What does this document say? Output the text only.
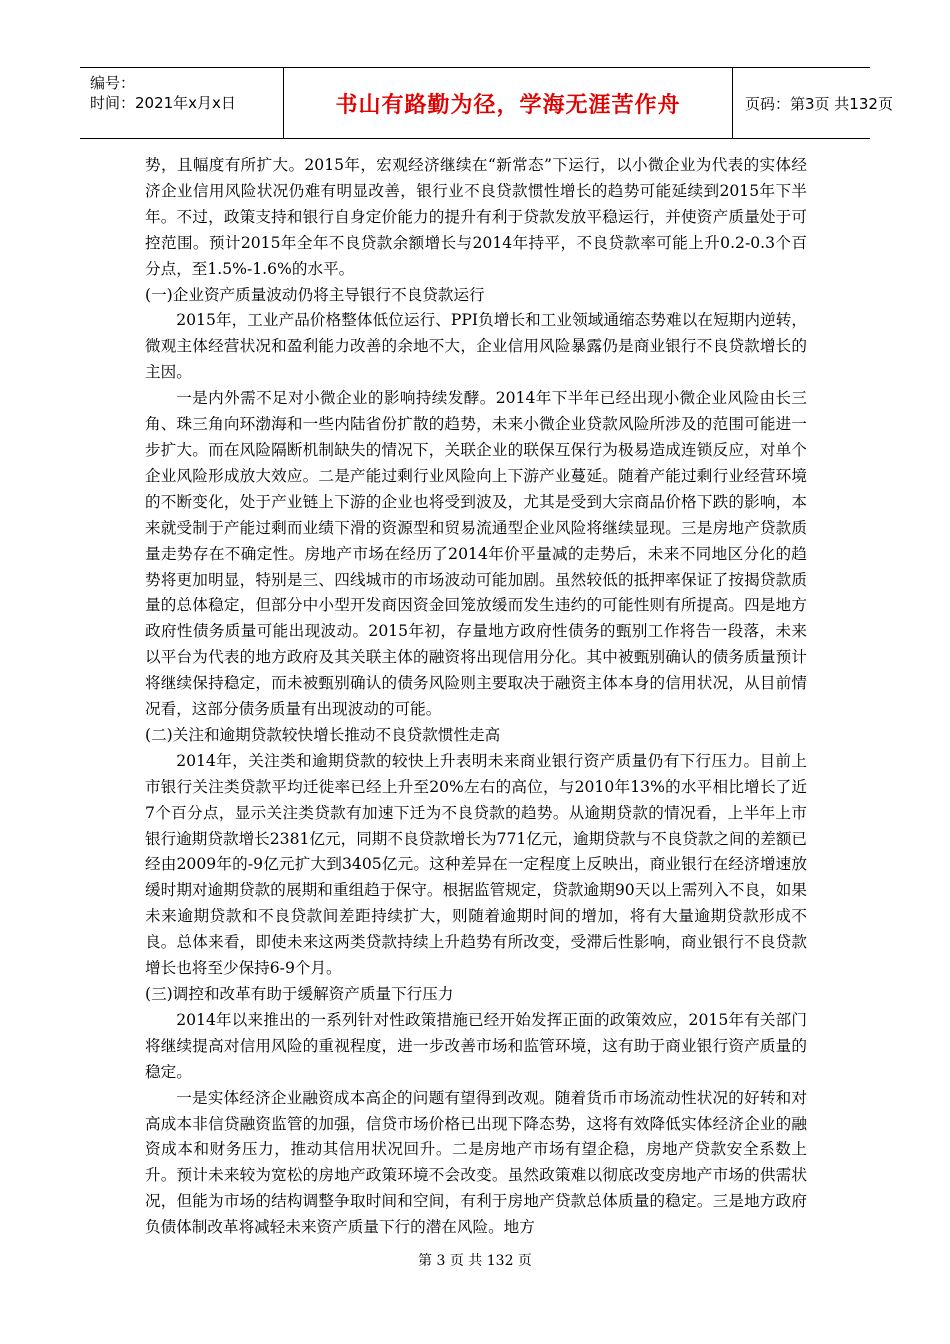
编号：
时间：2021年x月x日	书山有路勤为径，学海无涯苦作舟	页码：第3页 共132页

势，且幅度有所扩大。2015年，宏观经济继续在“新常态”下运行，以小微企业为代表的实体经济企业信用风险状况仍难有明显改善，银行业不良贷款惯性增长的趋势可能延续到2015年下半年。不过，政策支持和银行自身定价能力的提升有利于贷款发放平稳运行，并使资产质量处于可控范围。预计2015年全年不良贷款余额增长与2014年持平，不良贷款率可能上升0.2-0.3个百分点，至1.5%-1.6%的水平。

(一)企业资产质量波动仍将主导银行不良贷款运行

2015年，工业产品价格整体低位运行、PPI负增长和工业领域通缩态势难以在短期内逆转，微观主体经营状况和盈利能力改善的余地不大，企业信用风险暴露仍是商业银行不良贷款增长的主因。

一是内外需不足对小微企业的影响持续发酵。2014年下半年已经出现小微企业风险由长三角、珠三角向环渤海和一些内陆省份扩散的趋势，未来小微企业贷款风险所涉及的范围可能进一步扩大。而在风险隔断机制缺失的情况下，关联企业的联保互保行为极易造成连锁反应，对单个企业风险形成放大效应。二是产能过剩行业风险向上下游产业蔓延。随着产能过剩行业经营环境的不断变化，处于产业链上下游的企业也将受到波及，尤其是受到大宗商品价格下跌的影响，本来就受制于产能过剩而业绩下滑的资源型和贸易流通型企业风险将继续显现。三是房地产贷款质量走势存在不确定性。房地产市场在经历了2014年价平量减的走势后，未来不同地区分化的趋势将更加明显，特别是三、四线城市的市场波动可能加剧。虽然较低的抵押率保证了按揭贷款质量的总体稳定，但部分中小型开发商因资金回笼放缓而发生违约的可能性则有所提高。四是地方政府性债务质量可能出现波动。2015年初，存量地方政府性债务的甄别工作将告一段落，未来以平台为代表的地方政府及其关联主体的融资将出现信用分化。其中被甄别确认的债务质量预计将继续保持稳定，而未被甄别确认的债务风险则主要取决于融资主体本身的信用状况，从目前情况看，这部分债务质量有出现波动的可能。

(二)关注和逾期贷款较快增长推动不良贷款惯性走高

2014年，关注类和逾期贷款的较快上升表明未来商业银行资产质量仍有下行压力。目前上市银行关注类贷款平均迁徙率已经上升至20%左右的高位，与2010年13%的水平相比增长了近7个百分点，显示关注类贷款有加速下迁为不良贷款的趋势。从逾期贷款的情况看，上半年上市银行逾期贷款增长2381亿元，同期不良贷款增长为771亿元，逾期贷款与不良贷款之间的差额已经由2009年的-9亿元扩大到3405亿元。这种差异在一定程度上反映出，商业银行在经济增速放缓时期对逾期贷款的展期和重组趋于保守。根据监管规定，贷款逾期90天以上需列入不良，如果未来逾期贷款和不良贷款间差距持续扩大，则随着逾期时间的增加，将有大量逾期贷款形成不良。总体来看，即使未来这两类贷款持续上升趋势有所改变，受滞后性影响，商业银行不良贷款增长也将至少保持6-9个月。

(三)调控和改革有助于缓解资产质量下行压力

2014年以来推出的一系列针对性政策措施已经开始发挥正面的政策效应，2015年有关部门将继续提高对信用风险的重视程度，进一步改善市场和监管环境，这有助于商业银行资产质量的稳定。

一是实体经济企业融资成本高企的问题有望得到改观。随着货币市场流动性状况的好转和对高成本非信贷融资监管的加强，信贷市场价格已出现下降态势，这将有效降低实体经济企业的融资成本和财务压力，推动其信用状况回升。二是房地产市场有望企稳，房地产贷款安全系数上升。预计未来较为宽松的房地产政策环境不会改变。虽然政策难以彻底改变房地产市场的供需状况，但能为市场的结构调整争取时间和空间，有利于房地产贷款总体质量的稳定。三是地方政府负债体制改革将减轻未来资产质量下行的潜在风险。地方

第 3 页 共 132 页
